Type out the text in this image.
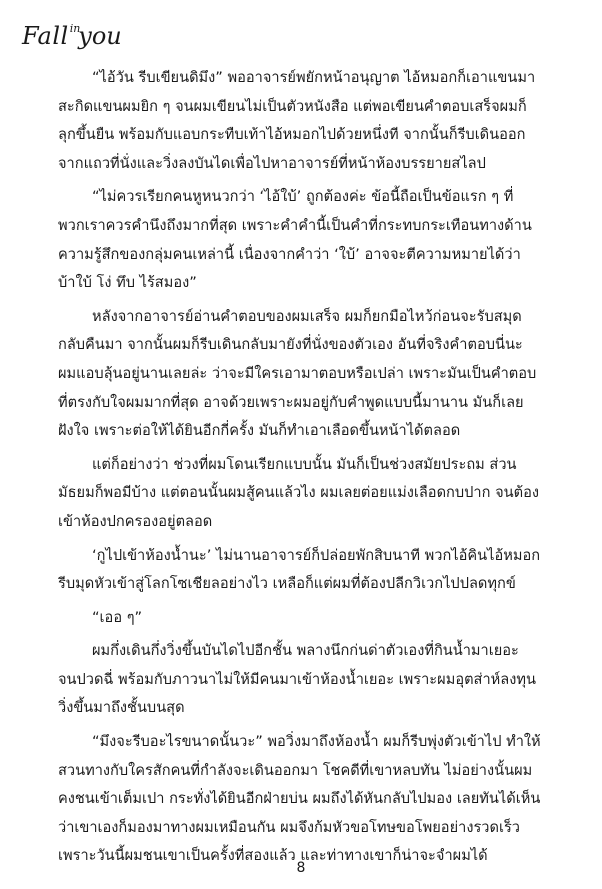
Fall$^{in}$you

“ไอ้วัน รีบเขียนดิมึง” พออาจารย์พยักหน้าอนุญาต ไอ้หมอกก็เอาแขนมา
สะกิดแขนผมยิก ๆ จนผมเขียนไม่เป็นตัวหนังสือ แต่พอเขียนคำตอบเสร็จผมก็
ลุกขึ้นยืน พร้อมกับแอบกระทืบเท้าไอ้หมอกไปด้วยหนึ่งที จากนั้นก็รีบเดินออก
จากแถวที่นั่งและวิ่งลงบันไดเพื่อไปหาอาจารย์ที่หน้าห้องบรรยายสไลป

“ไม่ควรเรียกคนหูหนวกว่า ‘ไอ้ใบ้’ ถูกต้องค่ะ ข้อนี้ถือเป็นข้อแรก ๆ ที่
พวกเราควรคำนึงถึงมากที่สุด เพราะคำคำนี้เป็นคำที่กระทบกระเทือนทางด้าน
ความรู้สึกของกลุ่มคนเหล่านี้ เนื่องจากคำว่า ‘ใบ้’ อาจจะตีความหมายได้ว่า
บ้าใบ้ โง่ ทึบ ไร้สมอง”

หลังจากอาจารย์อ่านคำตอบของผมเสร็จ ผมก็ยกมือไหว้ก่อนจะรับสมุด
กลับคืนมา จากนั้นผมก็รีบเดินกลับมายังที่นั่งของตัวเอง อันที่จริงคำตอบนี่นะ
ผมแอบลุ้นอยู่นานเลยล่ะ ว่าจะมีใครเอามาตอบหรือเปล่า เพราะมันเป็นคำตอบ
ที่ตรงกับใจผมมากที่สุด อาจด้วยเพราะผมอยู่กับคำพูดแบบนี้มานาน มันก็เลย
ฝังใจ เพราะต่อให้ได้ยินอีกกี่ครั้ง มันก็ทำเอาเลือดขึ้นหน้าได้ตลอด

แต่ก็อย่างว่า ช่วงที่ผมโดนเรียกแบบนั้น มันก็เป็นช่วงสมัยประถม ส่วน
มัธยมก็พอมีบ้าง แต่ตอนนั้นผมสู้คนแล้วไง ผมเลยต่อยแม่งเลือดกบปาก จนต้อง
เข้าห้องปกครองอยู่ตลอด

‘กูไปเข้าห้องน้ำนะ’ ไม่นานอาจารย์ก็ปล่อยพักสิบนาที พวกไอ้คินไอ้หมอก
รีบมุดหัวเข้าสู่โลกโซเชียลอย่างไว เหลือก็แต่ผมที่ต้องปลีกวิเวกไปปลดทุกข์

“เออ ๆ”

ผมกึ่งเดินกึ่งวิ่งขึ้นบันไดไปอีกชั้น พลางนึกก่นด่าตัวเองที่กินน้ำมาเยอะ
จนปวดฉี่ พร้อมกับภาวนาไม่ให้มีคนมาเข้าห้องน้ำเยอะ เพราะผมอุตส่าห์ลงทุน
วิ่งขึ้นมาถึงชั้นบนสุด

“มึงจะรีบอะไรขนาดนั้นวะ” พอวิ่งมาถึงห้องน้ำ ผมก็รีบพุ่งตัวเข้าไป ทำให้
สวนทางกับใครสักคนที่กำลังจะเดินออกมา โชคดีที่เขาหลบทัน ไม่อย่างนั้นผม
คงชนเข้าเต็มเปา กระทั่งได้ยินอีกฝ่ายบ่น ผมถึงได้หันกลับไปมอง เลยทันได้เห็น
ว่าเขาเองก็มองมาทางผมเหมือนกัน ผมจึงก้มหัวขอโทษขอโพยอย่างรวดเร็ว
เพราะวันนี้ผมชนเขาเป็นครั้งที่สองแล้ว และท่าทางเขาก็น่าจะจำผมได้

8
